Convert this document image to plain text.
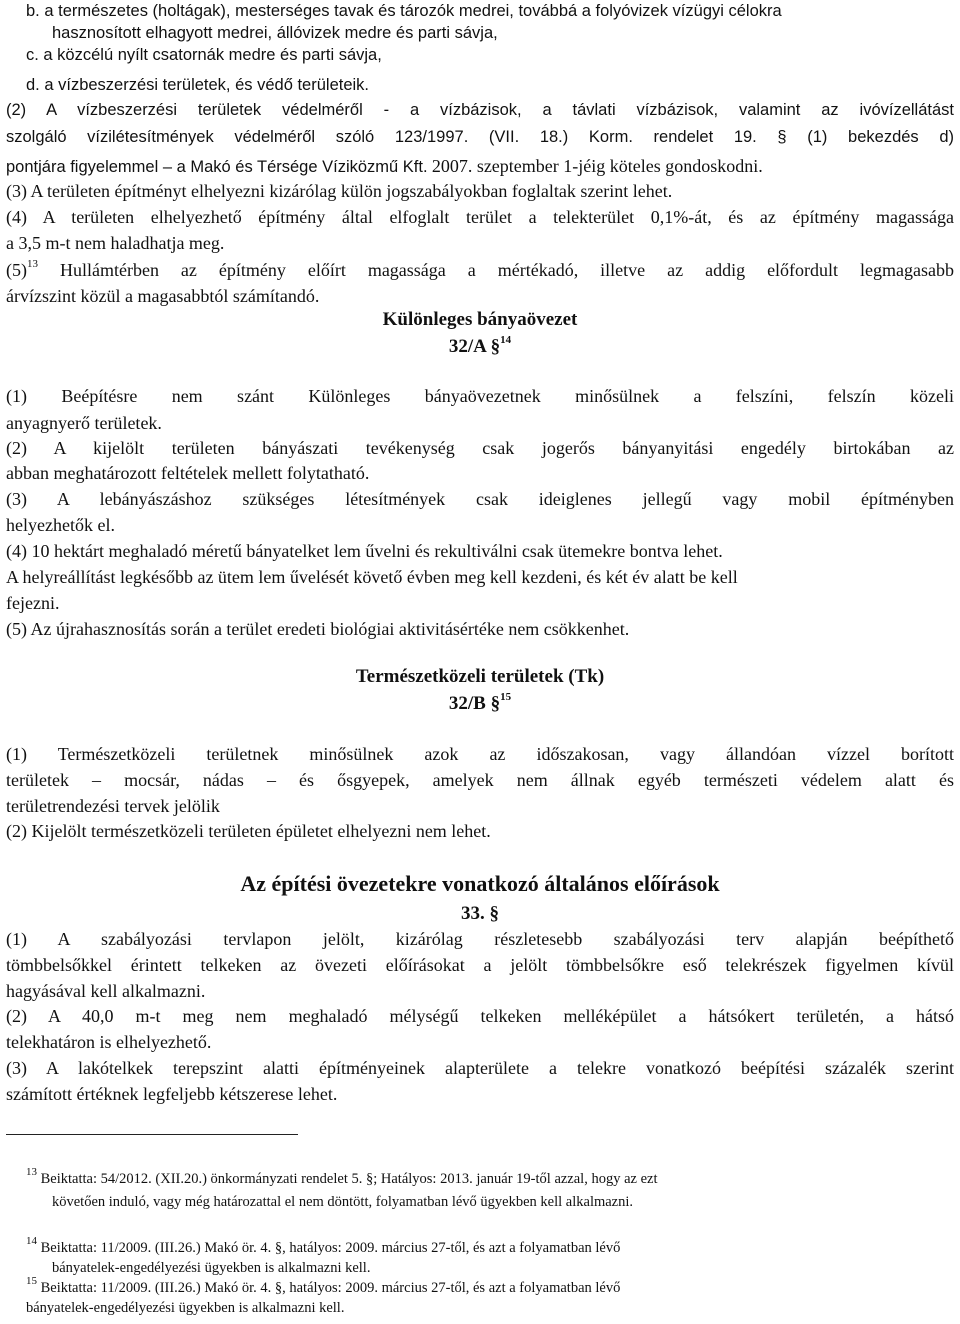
b. a természetes (holtágak), mesterséges tavak és tározók medrei, továbbá a folyóvizek vízügyi célokra
hasznosított elhagyott medrei, állóvizek medre és parti sávja,
c. a közcélú nyílt csatornák medre és parti sávja,
d. a vízbeszerzési területek, és védő területeik.
(2) A vízbeszerzési területek védelméről - a vízbázisok, a távlati vízbázisok, valamint az ivóvízellátást
szolgáló vízilétesítmények védelméről szóló 123/1997. (VII. 18.) Korm. rendelet 19. § (1) bekezdés d)
pontjára figyelemmel – a Makó és Térsége Víziközmű Kft. 2007. szeptember 1-jéig köteles gondoskodni.
(3) A területen építményt elhelyezni kizárólag külön jogszabályokban foglaltak szerint lehet.
(4) A területen elhelyezhető építmény által elfoglalt terület a telekterület 0,1%-át, és az építmény magassága
a 3,5 m-t nem haladhatja meg.
$(5)^{13}$ Hullámtérben az építmény előírt magassága a mértékadó, illetve az addig előfordult legmagasabb
árvízszint közül a magasabbtól számítandó.
Különleges bányaövezet
32/A §$^{14}$
(1) Beépítésre nem szánt Különleges bányaövezetnek minősülnek a felszíni, felszín közeli
anyagnyerő területek.
(2) A kijelölt területen bányászati tevékenység csak jogerős bányanyitási engedély birtokában az
abban meghatározott feltételek mellett folytatható.
(3) A lebányászáshoz szükséges létesítmények csak ideiglenes jellegű vagy mobil építményben
helyezhetők el.
(4) 10 hektárt meghaladó méretű bányatelket lem űvelni és rekultiválni csak ütemekre bontva lehet.
A helyreállítást legkésőbb az ütem lem űvelését követő évben meg kell kezdeni, és két év alatt be kell
fejezni.
(5) Az újrahasznosítás során a terület eredeti biológiai aktivitásértéke nem csökkenhet.
Természetközeli területek (Tk)
32/B §$^{15}$
(1) Természetközeli területnek minősülnek azok az időszakosan, vagy állandóan vízzel borított
területek – mocsár, nádas – és ősgyepek, amelyek nem állnak egyéb természeti védelem alatt és
területrendezési tervek jelölik
(2) Kijelölt természetközeli területen épületet elhelyezni nem lehet.
Az építési övezetekre vonatkozó általános előírások
33. §
(1) A szabályozási tervlapon jelölt, kizárólag részletesebb szabályozási terv alapján beépíthető
tömbbelsőkkel érintett telkeken az övezeti előírásokat a jelölt tömbbelsőkre eső telekrészek figyelmen kívül
hagyásával kell alkalmazni.
(2) A 40,0 m-t meg nem meghaladó mélységű telkeken melléképület a hátsókert területén, a hátsó
telekhatáron is elhelyezhető.
(3) A lakótelkek terepszint alatti építményeinek alapterülete a telekre vonatkozó beépítési százalék szerint
számított értéknek legfeljebb kétszerese lehet.
$^{13}$ Beiktatta: 54/2012. (XII.20.) önkormányzati rendelet 5. §; Hatályos: 2013. január 19-től azzal, hogy az ezt
követően induló, vagy még határozattal el nem döntött, folyamatban lévő ügyekben kell alkalmazni.
$^{14}$ Beiktatta: 11/2009. (III.26.) Makó ör. 4. §, hatályos: 2009. március 27-től, és azt a folyamatban lévő
bányatelek-engedélyezési ügyekben is alkalmazni kell.
$^{15}$ Beiktatta: 11/2009. (III.26.) Makó ör. 4. §, hatályos: 2009. március 27-től, és azt a folyamatban lévő
bányatelek-engedélyezési ügyekben is alkalmazni kell.
